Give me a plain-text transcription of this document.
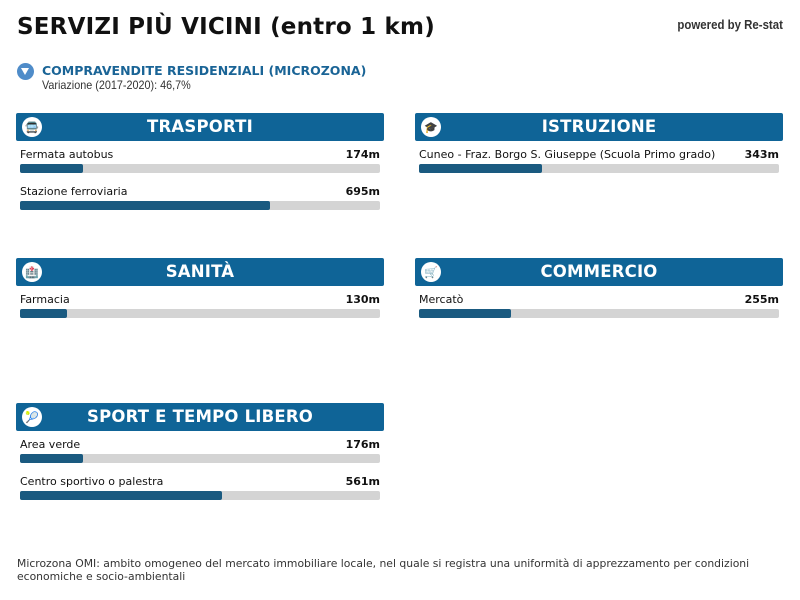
SERVIZI PIÙ VICINI (entro 1 km)	powered by Re-stat
COMPRAVENDITE RESIDENZIALI (MICROZONA)
Variazione (2017-2020): 46,7%
🚍	TRASPORTI
Fermata autobus	174m
Stazione ferroviaria	695m
🎓	ISTRUZIONE
Cuneo - Fraz. Borgo S. Giuseppe (Scuola Primo grado)	343m
🏥	SANITÀ
Farmacia	130m
🛒	COMMERCIO
Mercatò	255m
🎾	SPORT E TEMPO LIBERO
Area verde	176m
Centro sportivo o palestra	561m
Microzona OMI: ambito omogeneo del mercato immobiliare locale, nel quale si registra una uniformità di apprezzamento per condizioni economiche e socio-ambientali
